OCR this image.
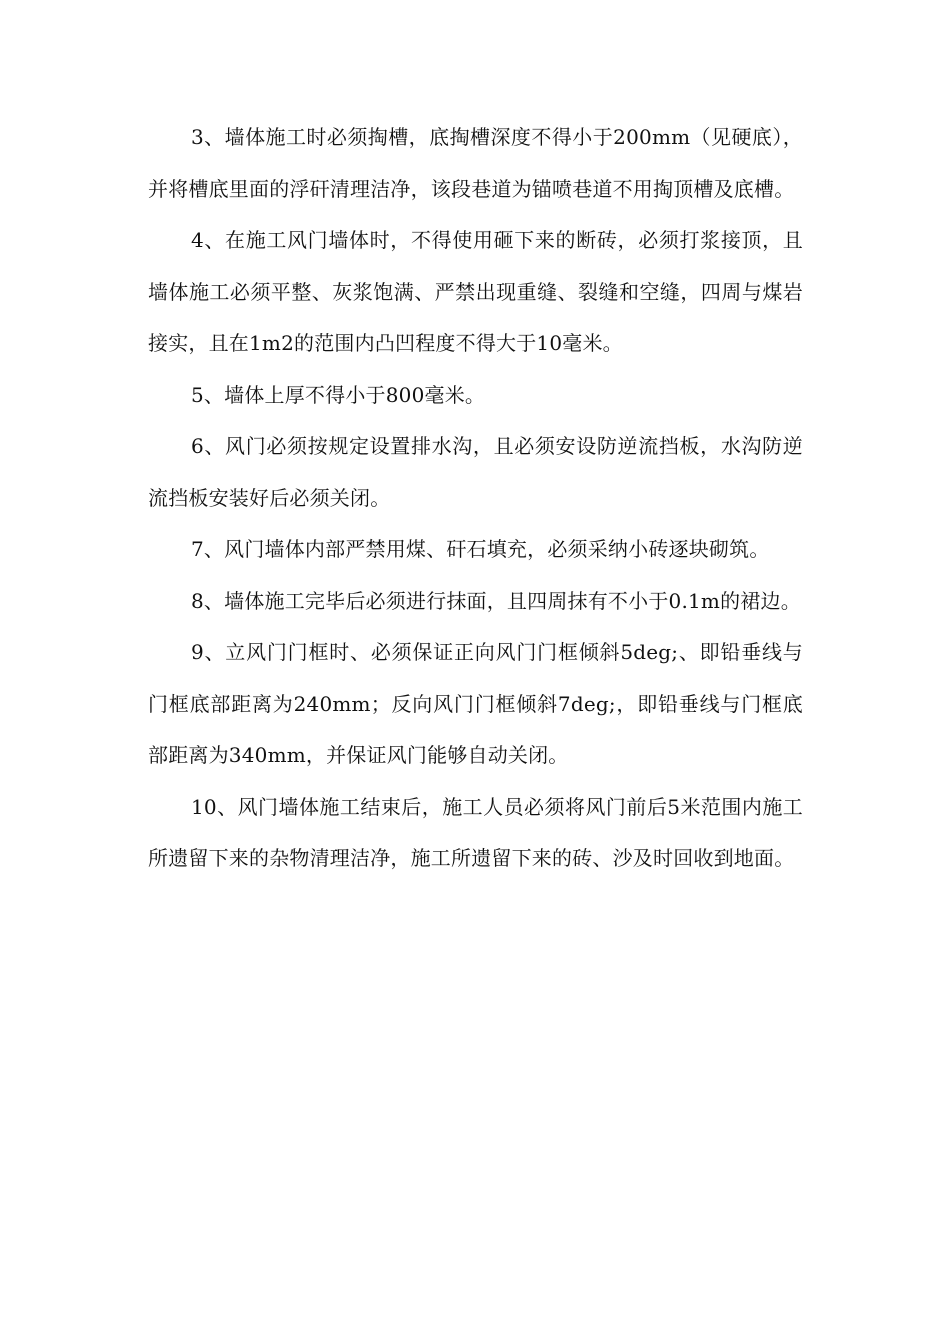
3、墙体施工时必须掏槽，底掏槽深度不得小于200mm（见硬底），并将槽底里面的浮矸清理洁净，该段巷道为锚喷巷道不用掏顶槽及底槽。

4、在施工风门墙体时，不得使用砸下来的断砖，必须打浆接顶，且墙体施工必须平整、灰浆饱满、严禁出现重缝、裂缝和空缝，四周与煤岩接实，且在1m2的范围内凸凹程度不得大于10毫米。

5、墙体上厚不得小于800毫米。

6、风门必须按规定设置排水沟，且必须安设防逆流挡板，水沟防逆流挡板安装好后必须关闭。

7、风门墙体内部严禁用煤、矸石填充，必须采纳小砖逐块砌筑。

8、墙体施工完毕后必须进行抹面，且四周抹有不小于0.1m的裙边。

9、立风门门框时、必须保证正向风门门框倾斜5deg;、即铅垂线与门框底部距离为240mm；反向风门门框倾斜7deg;，即铅垂线与门框底部距离为340mm，并保证风门能够自动关闭。

10、风门墙体施工结束后，施工人员必须将风门前后5米范围内施工所遗留下来的杂物清理洁净，施工所遗留下来的砖、沙及时回收到地面。
